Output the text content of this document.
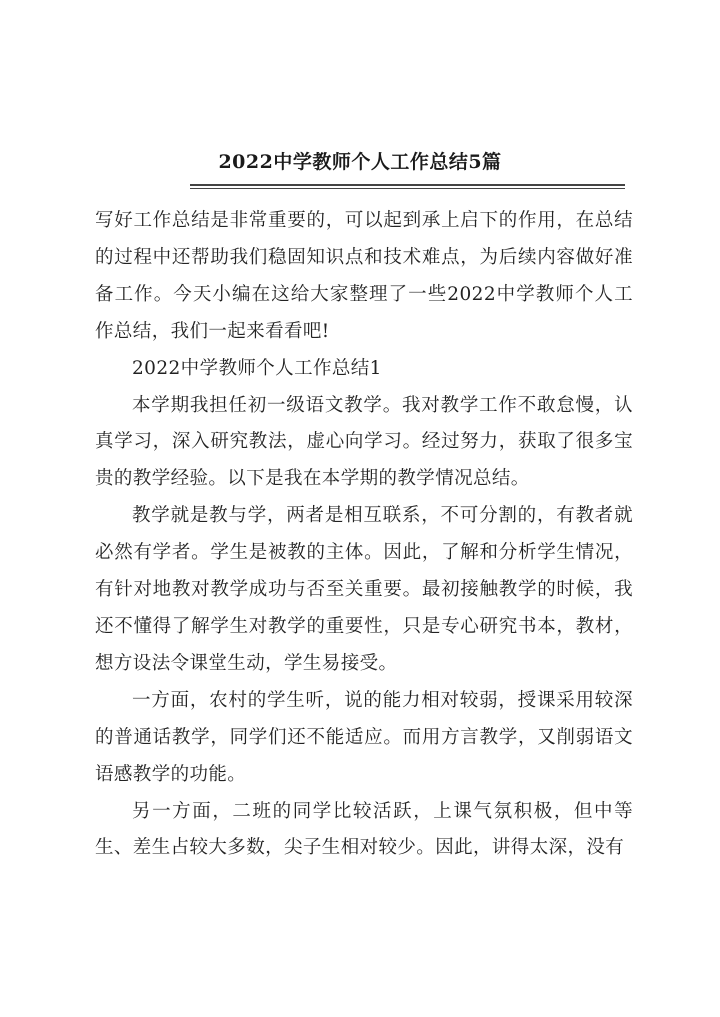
2022中学教师个人工作总结5篇

写好工作总结是非常重要的，可以起到承上启下的作用，在总结的过程中还帮助我们稳固知识点和技术难点，为后续内容做好准备工作。今天小编在这给大家整理了一些2022中学教师个人工作总结，我们一起来看看吧!

2022中学教师个人工作总结1

本学期我担任初一级语文教学。我对教学工作不敢怠慢，认真学习，深入研究教法，虚心向学习。经过努力，获取了很多宝贵的教学经验。以下是我在本学期的教学情况总结。

教学就是教与学，两者是相互联系，不可分割的，有教者就必然有学者。学生是被教的主体。因此，了解和分析学生情况，有针对地教对教学成功与否至关重要。最初接触教学的时候，我还不懂得了解学生对教学的重要性，只是专心研究书本，教材，想方设法令课堂生动，学生易接受。

一方面，农村的学生听，说的能力相对较弱，授课采用较深的普通话教学，同学们还不能适应。而用方言教学，又削弱语文语感教学的功能。

另一方面，二班的同学比较活跃，上课气氛积极，但中等生、差生占较大多数，尖子生相对较少。因此，讲得太深，没有
